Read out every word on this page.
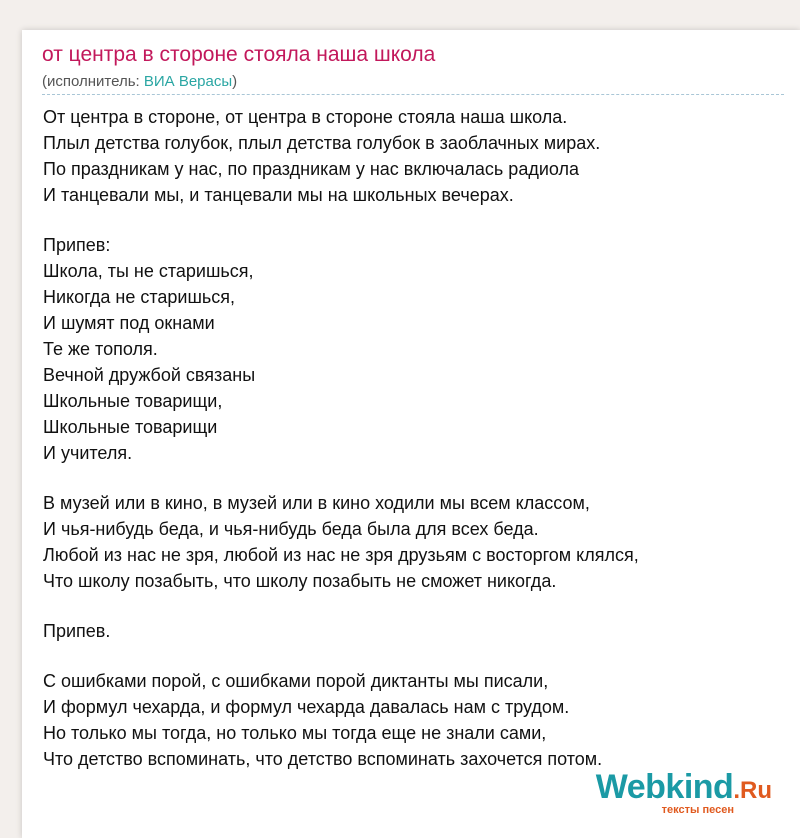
от центра в стороне стояла наша школа
(исполнитель: ВИА Верасы)
От центра в стороне, от центра в стороне стояла наша школа.
Плыл детства голубок, плыл детства голубок в заоблачных мирах.
По праздникам у нас, по праздникам у нас включалась радиола
И танцевали мы, и танцевали мы на школьных вечерах.
Припев:
Школа, ты не старишься,
Никогда не старишься,
И шумят под окнами
Те же тополя.
Вечной дружбой связаны
Школьные товарищи,
Школьные товарищи
И учителя.
В музей или в кино, в музей или в кино ходили мы всем классом,
И чья-нибудь беда, и чья-нибудь беда была для всех беда.
Любой из нас не зря, любой из нас не зря друзьям с восторгом клялся,
Что школу позабыть, что школу позабыть не сможет никогда.
Припев.
С ошибками порой, с ошибками порой диктанты мы писали,
И формул чехарда, и формул чехарда давалась нам с трудом.
Но только мы тогда, но только мы тогда еще не знали сами,
Что детство вспоминать, что детство вспоминать захочется потом.
Webkind.Ru
тексты песен
